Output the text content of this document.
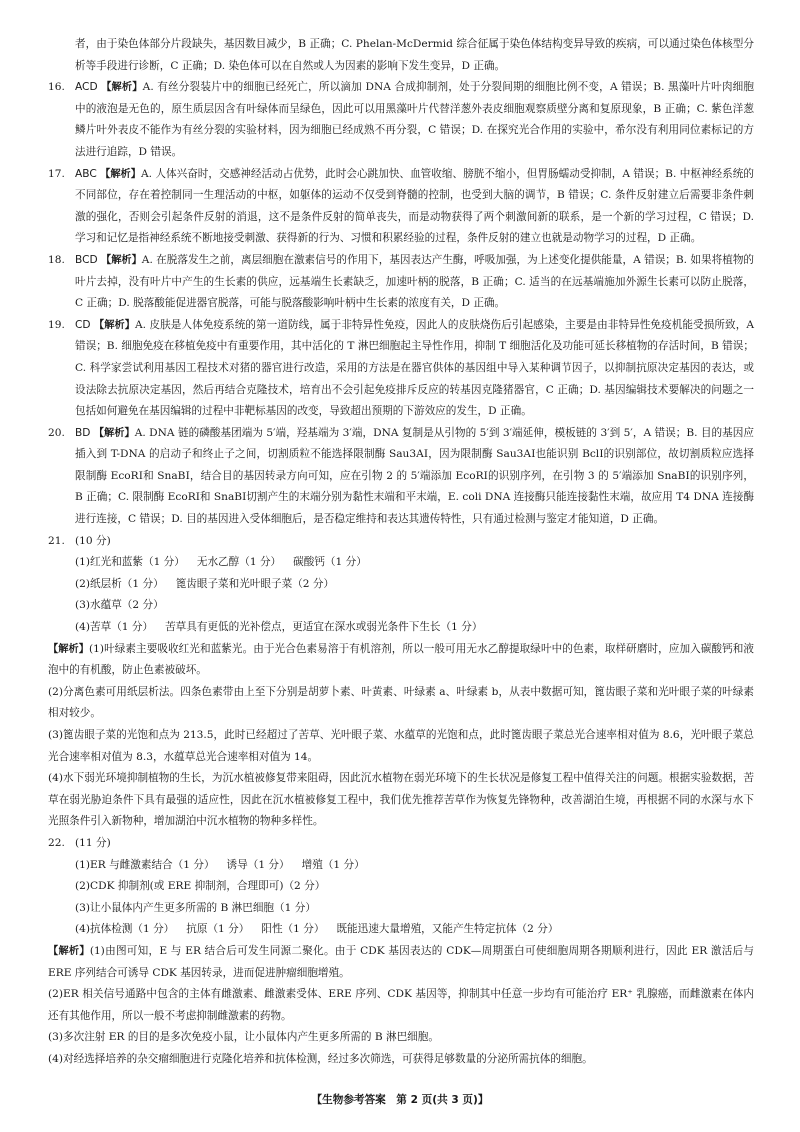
者，由于染色体部分片段缺失，基因数目减少，B 正确；C. Phelan-McDermid 综合征属于染色体结构变异导致的疾病，可以通过染色体核型分析等手段进行诊断，C 正确；D. 染色体可以在自然或人为因素的影响下发生变异，D 正确。

16. ACD 【解析】A. 有丝分裂装片中的细胞已经死亡，所以滴加 DNA 合成抑制剂，处于分裂间期的细胞比例不变，A 错误；B. 黑藻叶片叶肉细胞中的液泡是无色的，原生质层因含有叶绿体而呈绿色，因此可以用黑藻叶片代替洋葱外表皮细胞观察质壁分离和复原现象，B 正确；C. 紫色洋葱鳞片叶外表皮不能作为有丝分裂的实验材料，因为细胞已经成熟不再分裂，C 错误；D. 在探究光合作用的实验中，希尔没有利用同位素标记的方法进行追踪，D 错误。

17. ABC 【解析】A. 人体兴奋时，交感神经活动占优势，此时会心跳加快、血管收缩、膀胱不缩小，但胃肠蠕动受抑制，A 错误；B. 中枢神经系统的不同部位，存在着控制同一生理活动的中枢，如躯体的运动不仅受到脊髓的控制，也受到大脑的调节，B 错误；C. 条件反射建立后需要非条件刺激的强化，否则会引起条件反射的消退，这不是条件反射的简单丧失，而是动物获得了两个刺激间新的联系，是一个新的学习过程，C 错误；D. 学习和记忆是指神经系统不断地接受刺激、获得新的行为、习惯和积累经验的过程，条件反射的建立也就是动物学习的过程，D 正确。

18. BCD 【解析】A. 在脱落发生之前，离层细胞在激素信号的作用下，基因表达产生酶，呼吸加强，为上述变化提供能量，A 错误；B. 如果将植物的叶片去掉，没有叶片中产生的生长素的供应，远基端生长素缺乏，加速叶柄的脱落，B 正确；C. 适当的在远基端施加外源生长素可以防止脱落，C 正确；D. 脱落酸能促进器官脱落，可能与脱落酸影响叶柄中生长素的浓度有关，D 正确。

19. CD 【解析】A. 皮肤是人体免疫系统的第一道防线，属于非特异性免疫，因此人的皮肤烧伤后引起感染，主要是由非特异性免疫机能受损所致，A 错误；B. 细胞免疫在移植免疫中有重要作用，其中活化的 T 淋巴细胞起主导性作用，抑制 T 细胞活化及功能可延长移植物的存活时间，B 错误；C. 科学家尝试利用基因工程技术对猪的器官进行改造，采用的方法是在器官供体的基因组中导入某种调节因子，以抑制抗原决定基因的表达，或设法除去抗原决定基因，然后再结合克隆技术，培育出不会引起免疫排斥反应的转基因克隆猪器官，C 正确；D. 基因编辑技术要解决的问题之一包括如何避免在基因编辑的过程中非靶标基因的改变，导致超出预期的下游效应的发生，D 正确。

20. BD 【解析】A. DNA 链的磷酸基团端为 5′端，羟基端为 3′端，DNA 复制是从引物的 5′到 3′端延伸，模板链的 3′到 5′，A 错误；B. 目的基因应插入到 T-DNA 的启动子和终止子之间，切割质粒不能选择限制酶 Sau3AⅠ，因为限制酶 Sau3AⅠ也能识别 BclⅠ的识别部位，故切割质粒应选择限制酶 EcoRⅠ和 SnaBⅠ，结合目的基因转录方向可知，应在引物 2 的 5′端添加 EcoRⅠ的识别序列，在引物 3 的 5′端添加 SnaBⅠ的识别序列，B 正确；C. 限制酶 EcoRⅠ和 SnaBⅠ切割产生的末端分别为黏性末端和平末端，E. coli DNA 连接酶只能连接黏性末端，故应用 T4 DNA 连接酶进行连接，C 错误；D. 目的基因进入受体细胞后，是否稳定维持和表达其遗传特性，只有通过检测与鉴定才能知道，D 正确。

21. (10 分)

(1)红光和蓝紫（1 分） 无水乙醇（1 分） 碳酸钙（1 分）

(2)纸层析（1 分） 篦齿眼子菜和光叶眼子菜（2 分）

(3)水蕴草（2 分）

(4)苦草（1 分） 苦草具有更低的光补偿点，更适宜在深水或弱光条件下生长（1 分）

【解析】(1)叶绿素主要吸收红光和蓝紫光。由于光合色素易溶于有机溶剂，所以一般可用无水乙醇提取绿叶中的色素，取样研磨时，应加入碳酸钙和液泡中的有机酸，防止色素被破坏。

(2)分离色素可用纸层析法。四条色素带由上至下分别是胡萝卜素、叶黄素、叶绿素 a、叶绿素 b，从表中数据可知，篦齿眼子菜和光叶眼子菜的叶绿素相对较少。

(3)篦齿眼子菜的光饱和点为 213.5，此时已经超过了苦草、光叶眼子菜、水蕴草的光饱和点，此时篦齿眼子菜总光合速率相对值为 8.6，光叶眼子菜总光合速率相对值为 8.3，水蕴草总光合速率相对值为 14。

(4)水下弱光环境抑制植物的生长，为沉水植被修复带来阻碍，因此沉水植物在弱光环境下的生长状况是修复工程中值得关注的问题。根据实验数据，苦草在弱光胁迫条件下具有最强的适应性，因此在沉水植被修复工程中，我们优先推荐苦草作为恢复先锋物种，改善湖泊生境，再根据不同的水深与水下光照条件引入新物种，增加湖泊中沉水植物的物种多样性。

22. (11 分)

(1)ER 与雌激素结合（1 分） 诱导（1 分） 增殖（1 分）

(2)CDK 抑制剂(或 ERE 抑制剂，合理即可)（2 分）

(3)让小鼠体内产生更多所需的 B 淋巴细胞（1 分）

(4)抗体检测（1 分） 抗原（1 分） 阳性（1 分） 既能迅速大量增殖，又能产生特定抗体（2 分）

【解析】(1)由图可知，E 与 ER 结合后可发生同源二聚化。由于 CDK 基因表达的 CDK—周期蛋白可使细胞周期各期顺利进行，因此 ER 激活后与 ERE 序列结合可诱导 CDK 基因转录，进而促进肿瘤细胞增殖。

(2)ER 相关信号通路中包含的主体有雌激素、雌激素受体、ERE 序列、CDK 基因等，抑制其中任意一步均有可能治疗 ER⁺ 乳腺癌，而雌激素在体内还有其他作用，所以一般不考虑抑制雌激素的药物。

(3)多次注射 ER 的目的是多次免疫小鼠，让小鼠体内产生更多所需的 B 淋巴细胞。

(4)对经选择培养的杂交瘤细胞进行克隆化培养和抗体检测，经过多次筛选，可获得足够数量的分泌所需抗体的细胞。

【生物参考答案　第 2 页(共 3 页)】
